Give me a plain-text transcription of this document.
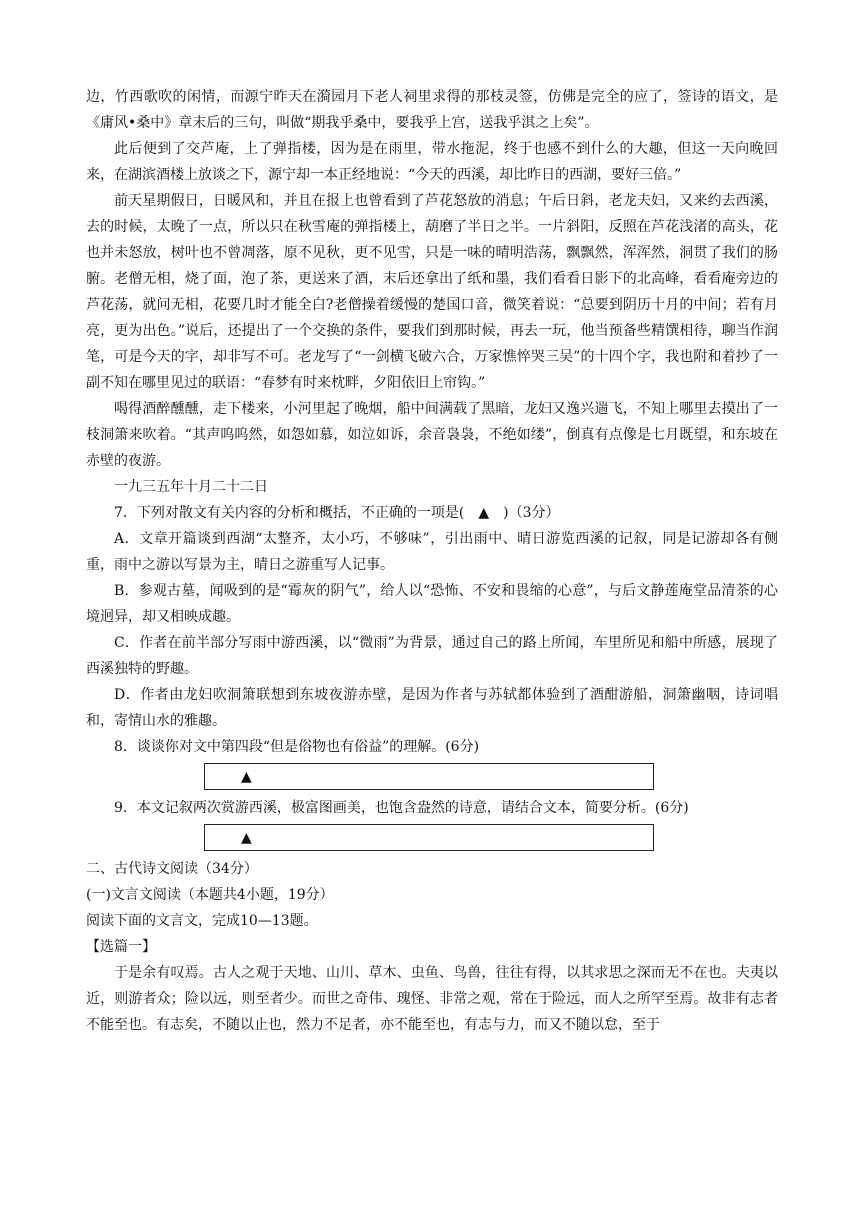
边，竹西歌吹的闲情，而源宁昨天在漪园月下老人祠里求得的那枝灵签，仿佛是完全的应了，签诗的语文，是《庸风•桑中》章末后的三句，叫做“期我乎桑中，要我乎上宫，送我乎淇之上矣”。

此后便到了交芦庵，上了弹指楼，因为是在雨里，带水拖泥，终于也感不到什么的大趣，但这一天向晚回来，在湖滨酒楼上放谈之下，源宁却一本正经地说：“今天的西溪，却比昨日的西湖，要好三倍。”

前天星期假日，日暖风和，并且在报上也曾看到了芦花怒放的消息；午后日斜，老龙夫妇，又来约去西溪，去的时候，太晚了一点，所以只在秋雪庵的弹指楼上，葫磨了半日之半。一片斜阳，反照在芦花浅渚的高头，花也并未怒放，树叶也不曾凋落，原不见秋，更不见雪，只是一味的晴明浩荡，飘飘然，浑浑然，洞贯了我们的肠腑。老僧无相，烧了面，泡了茶，更送来了酒，末后还拿出了纸和墨，我们看看日影下的北高峰，看看庵旁边的芦花荡，就问无相，花要几时才能全白?老僧操着缓慢的楚国口音，微笑着说：“总要到阴历十月的中间；若有月亮，更为出色。”说后，还提出了一个交换的条件，要我们到那时候，再去一玩，他当预备些精馔相待，聊当作润笔，可是今天的字，却非写不可。老龙写了“一剑横飞破六合，万家憔悴哭三吴”的十四个字，我也附和着抄了一副不知在哪里见过的联语：“春梦有时来枕畔，夕阳依旧上帘钩。”

喝得酒醉醺醺，走下楼来，小河里起了晚烟，船中间满载了黑暗，龙妇又逸兴遄飞，不知上哪里去摸出了一枝洞箫来吹着。“其声呜呜然，如怨如慕，如泣如诉，余音袅袅，不绝如缕”，倒真有点像是七月既望，和东坡在赤壁的夜游。

一九三五年十月二十二日

7．下列对散文有关内容的分析和概括，不正确的一项是(　▲　)（3分）

A．文章开篇谈到西湖“太整齐，太小巧，不够味”，引出雨中、晴日游览西溪的记叙，同是记游却各有侧重，雨中之游以写景为主，晴日之游重写人记事。

B．参观古墓，闻吸到的是“霉灰的阴气”，给人以“恐怖、不安和畏缩的心意”，与后文静莲庵堂品清茶的心境迥异，却又相映成趣。

C．作者在前半部分写雨中游西溪，以“微雨”为背景，通过自己的路上所闻，车里所见和船中所感，展现了西溪独特的野趣。

D．作者由龙妇吹洞箫联想到东坡夜游赤壁，是因为作者与苏轼都体验到了酒酣游船，洞箫幽咽，诗词唱和，寄情山水的雅趣。

8．谈谈你对文中第四段“但是俗物也有俗益”的理解。(6分)

▲

9．本文记叙两次赏游西溪，极富图画美，也饱含盎然的诗意，请结合文本，简要分析。(6分)

▲

二、古代诗文阅读（34分）

(一)文言文阅读（本题共4小题，19分）

阅读下面的文言文，完成10—13题。

【选篇一】

于是余有叹焉。古人之观于天地、山川、草木、虫鱼、鸟兽，往往有得，以其求思之深而无不在也。夫夷以近，则游者众；险以远，则至者少。而世之奇伟、瑰怪、非常之观，常在于险远，而人之所罕至焉。故非有志者不能至也。有志矣，不随以止也，然力不足者，亦不能至也，有志与力，而又不随以怠，至于
